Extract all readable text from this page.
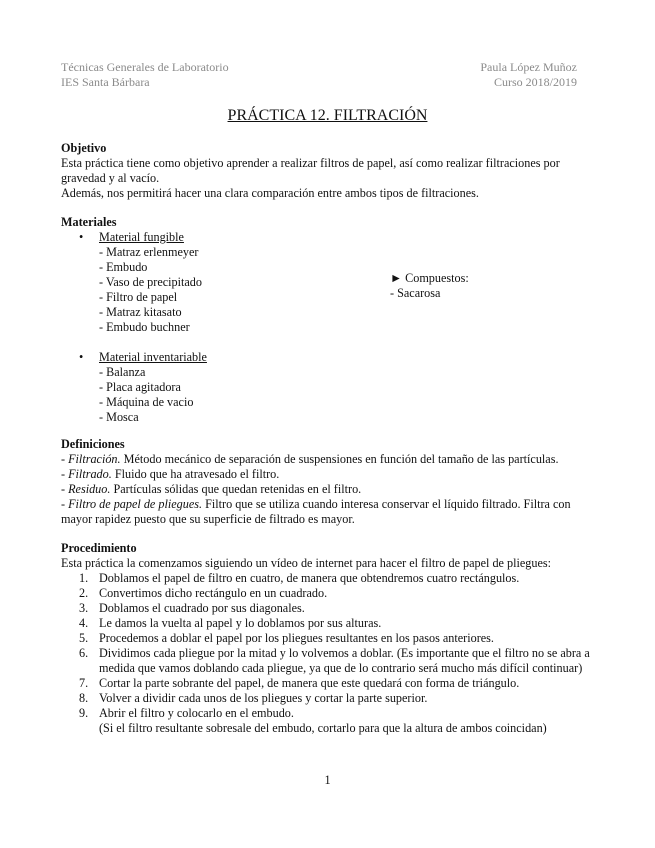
Técnicas Generales de Laboratorio
IES Santa Bárbara
Paula López Muñoz
Curso 2018/2019
PRÁCTICA 12. FILTRACIÓN
Objetivo

Esta práctica tiene como objetivo aprender a realizar filtros de papel, así como realizar filtraciones por gravedad y al vacío.

Además, nos permitirá hacer una clara comparación entre ambos tipos de filtraciones.

Materiales
• Material fungible
- Matraz erlenmeyer
- Embudo
- Vaso de precipitado
- Filtro de papel
- Matraz kitasato
- Embudo buchner
• Material inventariable
- Balanza
- Placa agitadora
- Máquina de vacio
- Mosca
► Compuestos:
- Sacarosa
Definiciones

- Filtración. Método mecánico de separación de suspensiones en función del tamaño de las partículas.

- Filtrado. Fluido que ha atravesado el filtro.

- Residuo. Partículas sólidas que quedan retenidas en el filtro.

- Filtro de papel de pliegues. Filtro que se utiliza cuando interesa conservar el líquido filtrado. Filtra con mayor rapidez puesto que su superficie de filtrado es mayor.

Procedimiento

Esta práctica la comenzamos siguiendo un vídeo de internet para hacer el filtro de papel de pliegues:

1. Doblamos el papel de filtro en cuatro, de manera que obtendremos cuatro rectángulos.
2. Convertimos dicho rectángulo en un cuadrado.
3. Doblamos el cuadrado por sus diagonales.
4. Le damos la vuelta al papel y lo doblamos por sus alturas.
5. Procedemos a doblar el papel por los pliegues resultantes en los pasos anteriores.
6. Dividimos cada pliegue por la mitad y lo volvemos a doblar. (Es importante que el filtro no se abra a medida que vamos doblando cada pliegue, ya que de lo contrario será mucho más difícil continuar)
7. Cortar la parte sobrante del papel, de manera que este quedará con forma de triángulo.
8. Volver a dividir cada unos de los pliegues y cortar la parte superior.
9. Abrir el filtro y colocarlo en el embudo.
(Si el filtro resultante sobresale del embudo, cortarlo para que la altura de ambos coincidan)
1
